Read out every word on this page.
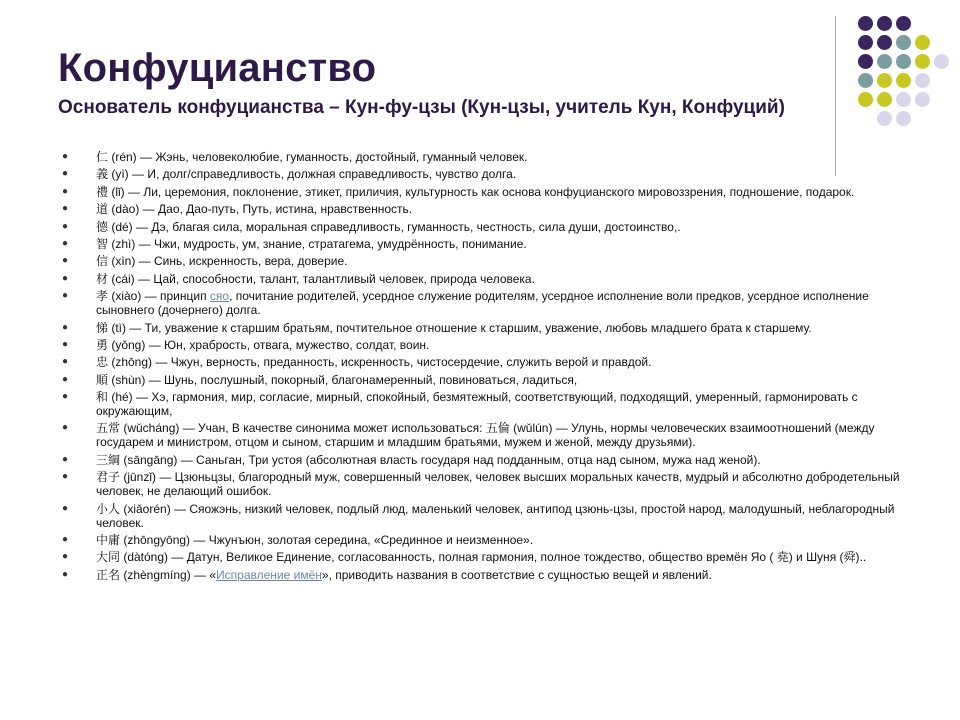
Конфуцианство
Основатель конфуцианства – Кун-фу-цзы (Кун-цзы, учитель Кун, Конфуций)
● 仁 (rén) — Жэнь, человеколюбие, гуманность, достойный, гуманный человек.
● 義 (yì) — И, долг/справедливость, должная справедливость, чувство долга.
● 禮 (lǐ) — Ли, церемония, поклонение, этикет, приличия, культурность как основа конфуцианского мировоззрения, подношение, подарок.
● 道 (dào) — Дао, Дао-путь, Путь, истина, нравственность.
● 德 (dé) — Дэ, благая сила, моральная справедливость, гуманность, честность, сила души, достоинство,.
● 智 (zhì) — Чжи, мудрость, ум, знание, стратагема, умудрённость, понимание.
● 信 (xìn) — Синь, искренность, вера, доверие.
● 材 (cái) — Цай, способности, талант, талантливый человек, природа человека.
● 孝 (xiào) — принцип сяо, почитание родителей, усердное служение родителям, усердное исполнение воли предков, усердное исполнение сыновнего (дочернего) долга.
● 悌 (tì) — Ти, уважение к старшим братьям, почтительное отношение к старшим, уважение, любовь младшего брата к старшему.
● 勇 (yǒng) — Юн, храбрость, отвага, мужество, солдат, воин.
● 忠 (zhōng) — Чжун, верность, преданность, искренность, чистосердечие, служить верой и правдой.
● 順 (shùn) — Шунь, послушный, покорный, благонамеренный, повиноваться, ладиться,
● 和 (hé) — Хэ, гармония, мир, согласие, мирный, спокойный, безмятежный, соответствующий, подходящий, умеренный, гармонировать с окружающим,
● 五常 (wǔcháng) — Учан, В качестве синонима может использоваться: 五倫 (wǔlún) — Улунь, нормы человеческих взаимоотношений (между государем и министром, отцом и сыном, старшим и младшим братьями, мужем и женой, между друзьями).
● 三綱 (sāngāng) — Саньган, Три устоя (абсолютная власть государя над подданным, отца над сыном, мужа над женой).
● 君子 (jūnzǐ) — Цзюньцзы, благородный муж, совершенный человек, человек высших моральных качеств, мудрый и абсолютно добродетельный человек, не делающий ошибок.
● 小人 (xiǎorén) — Сяожэнь, низкий человек, подлый люд, маленький человек, антипод цзюнь-цзы, простой народ, малодушный, неблагородный человек.
● 中庸 (zhōngyōng) — Чжунъюн, золотая середина, «Срединное и неизменное».
● 大同 (dàtóng) — Датун, Великое Единение, согласованность, полная гармония, полное тождество, общество времён Яо ( 堯) и Шуня (舜)..
● 正名 (zhèngmíng) — «Исправление имён», приводить названия в соответствие с сущностью вещей и явлений.
